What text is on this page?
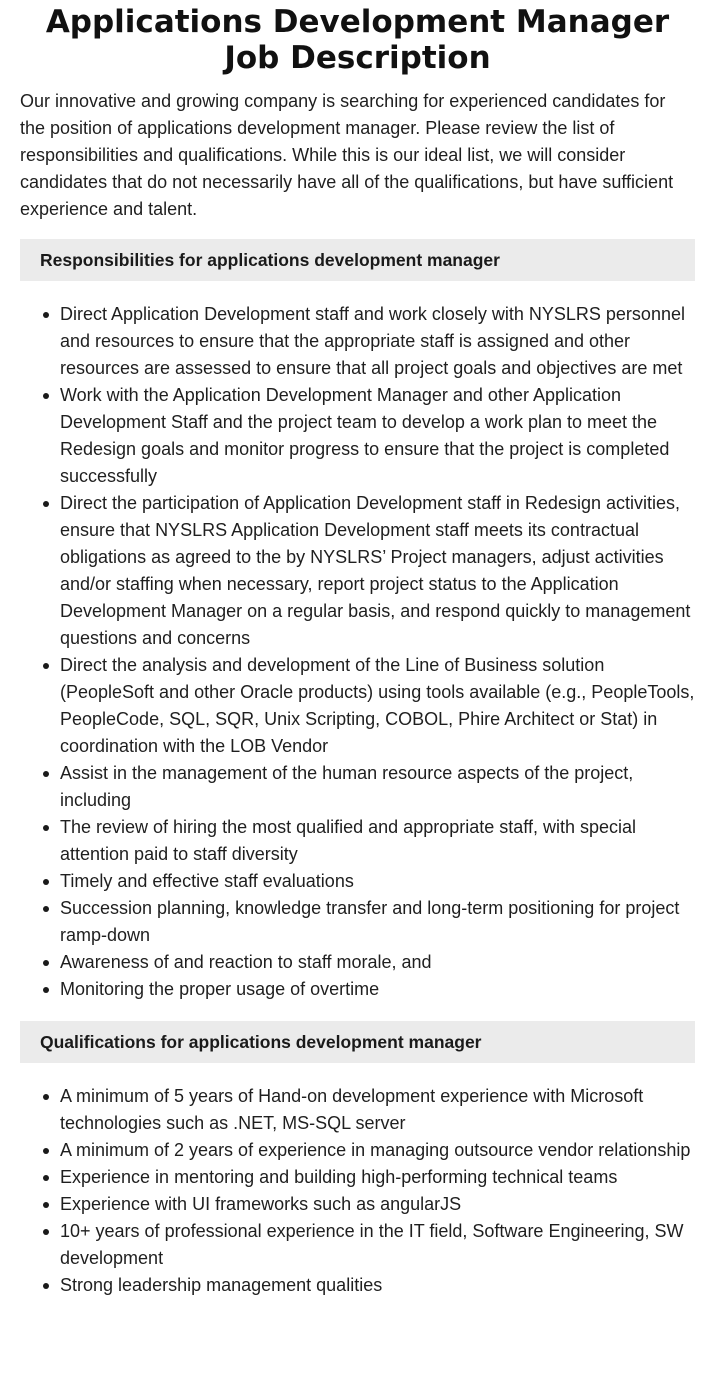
Applications Development Manager Job Description

Our innovative and growing company is searching for experienced candidates for the position of applications development manager. Please review the list of responsibilities and qualifications. While this is our ideal list, we will consider candidates that do not necessarily have all of the qualifications, but have sufficient experience and talent.

Responsibilities for applications development manager
Direct Application Development staff and work closely with NYSLRS personnel and resources to ensure that the appropriate staff is assigned and other resources are assessed to ensure that all project goals and objectives are met
Work with the Application Development Manager and other Application Development Staff and the project team to develop a work plan to meet the Redesign goals and monitor progress to ensure that the project is completed successfully
Direct the participation of Application Development staff in Redesign activities, ensure that NYSLRS Application Development staff meets its contractual obligations as agreed to the by NYSLRS’ Project managers, adjust activities and/or staffing when necessary, report project status to the Application Development Manager on a regular basis, and respond quickly to management questions and concerns
Direct the analysis and development of the Line of Business solution (PeopleSoft and other Oracle products) using tools available (e.g., PeopleTools, PeopleCode, SQL, SQR, Unix Scripting, COBOL, Phire Architect or Stat) in coordination with the LOB Vendor
Assist in the management of the human resource aspects of the project, including
The review of hiring the most qualified and appropriate staff, with special attention paid to staff diversity
Timely and effective staff evaluations
Succession planning, knowledge transfer and long-term positioning for project ramp-down
Awareness of and reaction to staff morale, and
Monitoring the proper usage of overtime
Qualifications for applications development manager
A minimum of 5 years of Hand-on development experience with Microsoft technologies such as .NET, MS-SQL server
A minimum of 2 years of experience in managing outsource vendor relationship
Experience in mentoring and building high-performing technical teams
Experience with UI frameworks such as angularJS
10+ years of professional experience in the IT field, Software Engineering, SW development
Strong leadership management qualities
